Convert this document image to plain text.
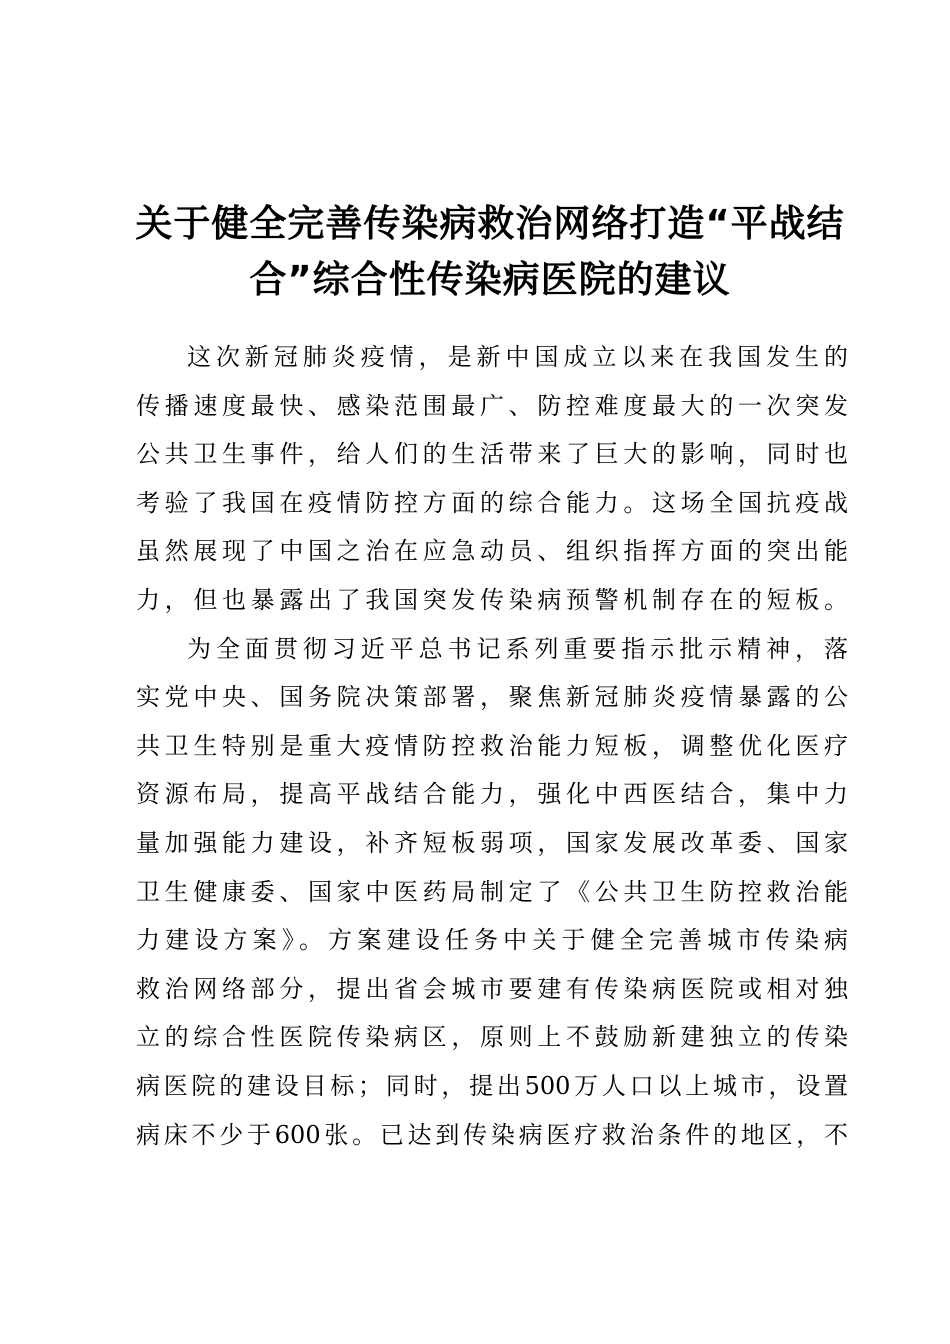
关于健全完善传染病救治网络打造“平战结
合”综合性传染病医院的建议
这次新冠肺炎疫情，是新中国成立以来在我国发生的
传播速度最快、感染范围最广、防控难度最大的一次突发
公共卫生事件，给人们的生活带来了巨大的影响，同时也
考验了我国在疫情防控方面的综合能力。这场全国抗疫战
虽然展现了中国之治在应急动员、组织指挥方面的突出能
力，但也暴露出了我国突发传染病预警机制存在的短板。
为全面贯彻习近平总书记系列重要指示批示精神，落
实党中央、国务院决策部署，聚焦新冠肺炎疫情暴露的公
共卫生特别是重大疫情防控救治能力短板，调整优化医疗
资源布局，提高平战结合能力，强化中西医结合，集中力
量加强能力建设，补齐短板弱项，国家发展改革委、国家
卫生健康委、国家中医药局制定了《公共卫生防控救治能
力建设方案》。方案建设任务中关于健全完善城市传染病
救治网络部分，提出省会城市要建有传染病医院或相对独
立的综合性医院传染病区，原则上不鼓励新建独立的传染
病医院的建设目标；同时，提出500万人口以上城市，设置
病床不少于600张。已达到传染病医疗救治条件的地区，不
